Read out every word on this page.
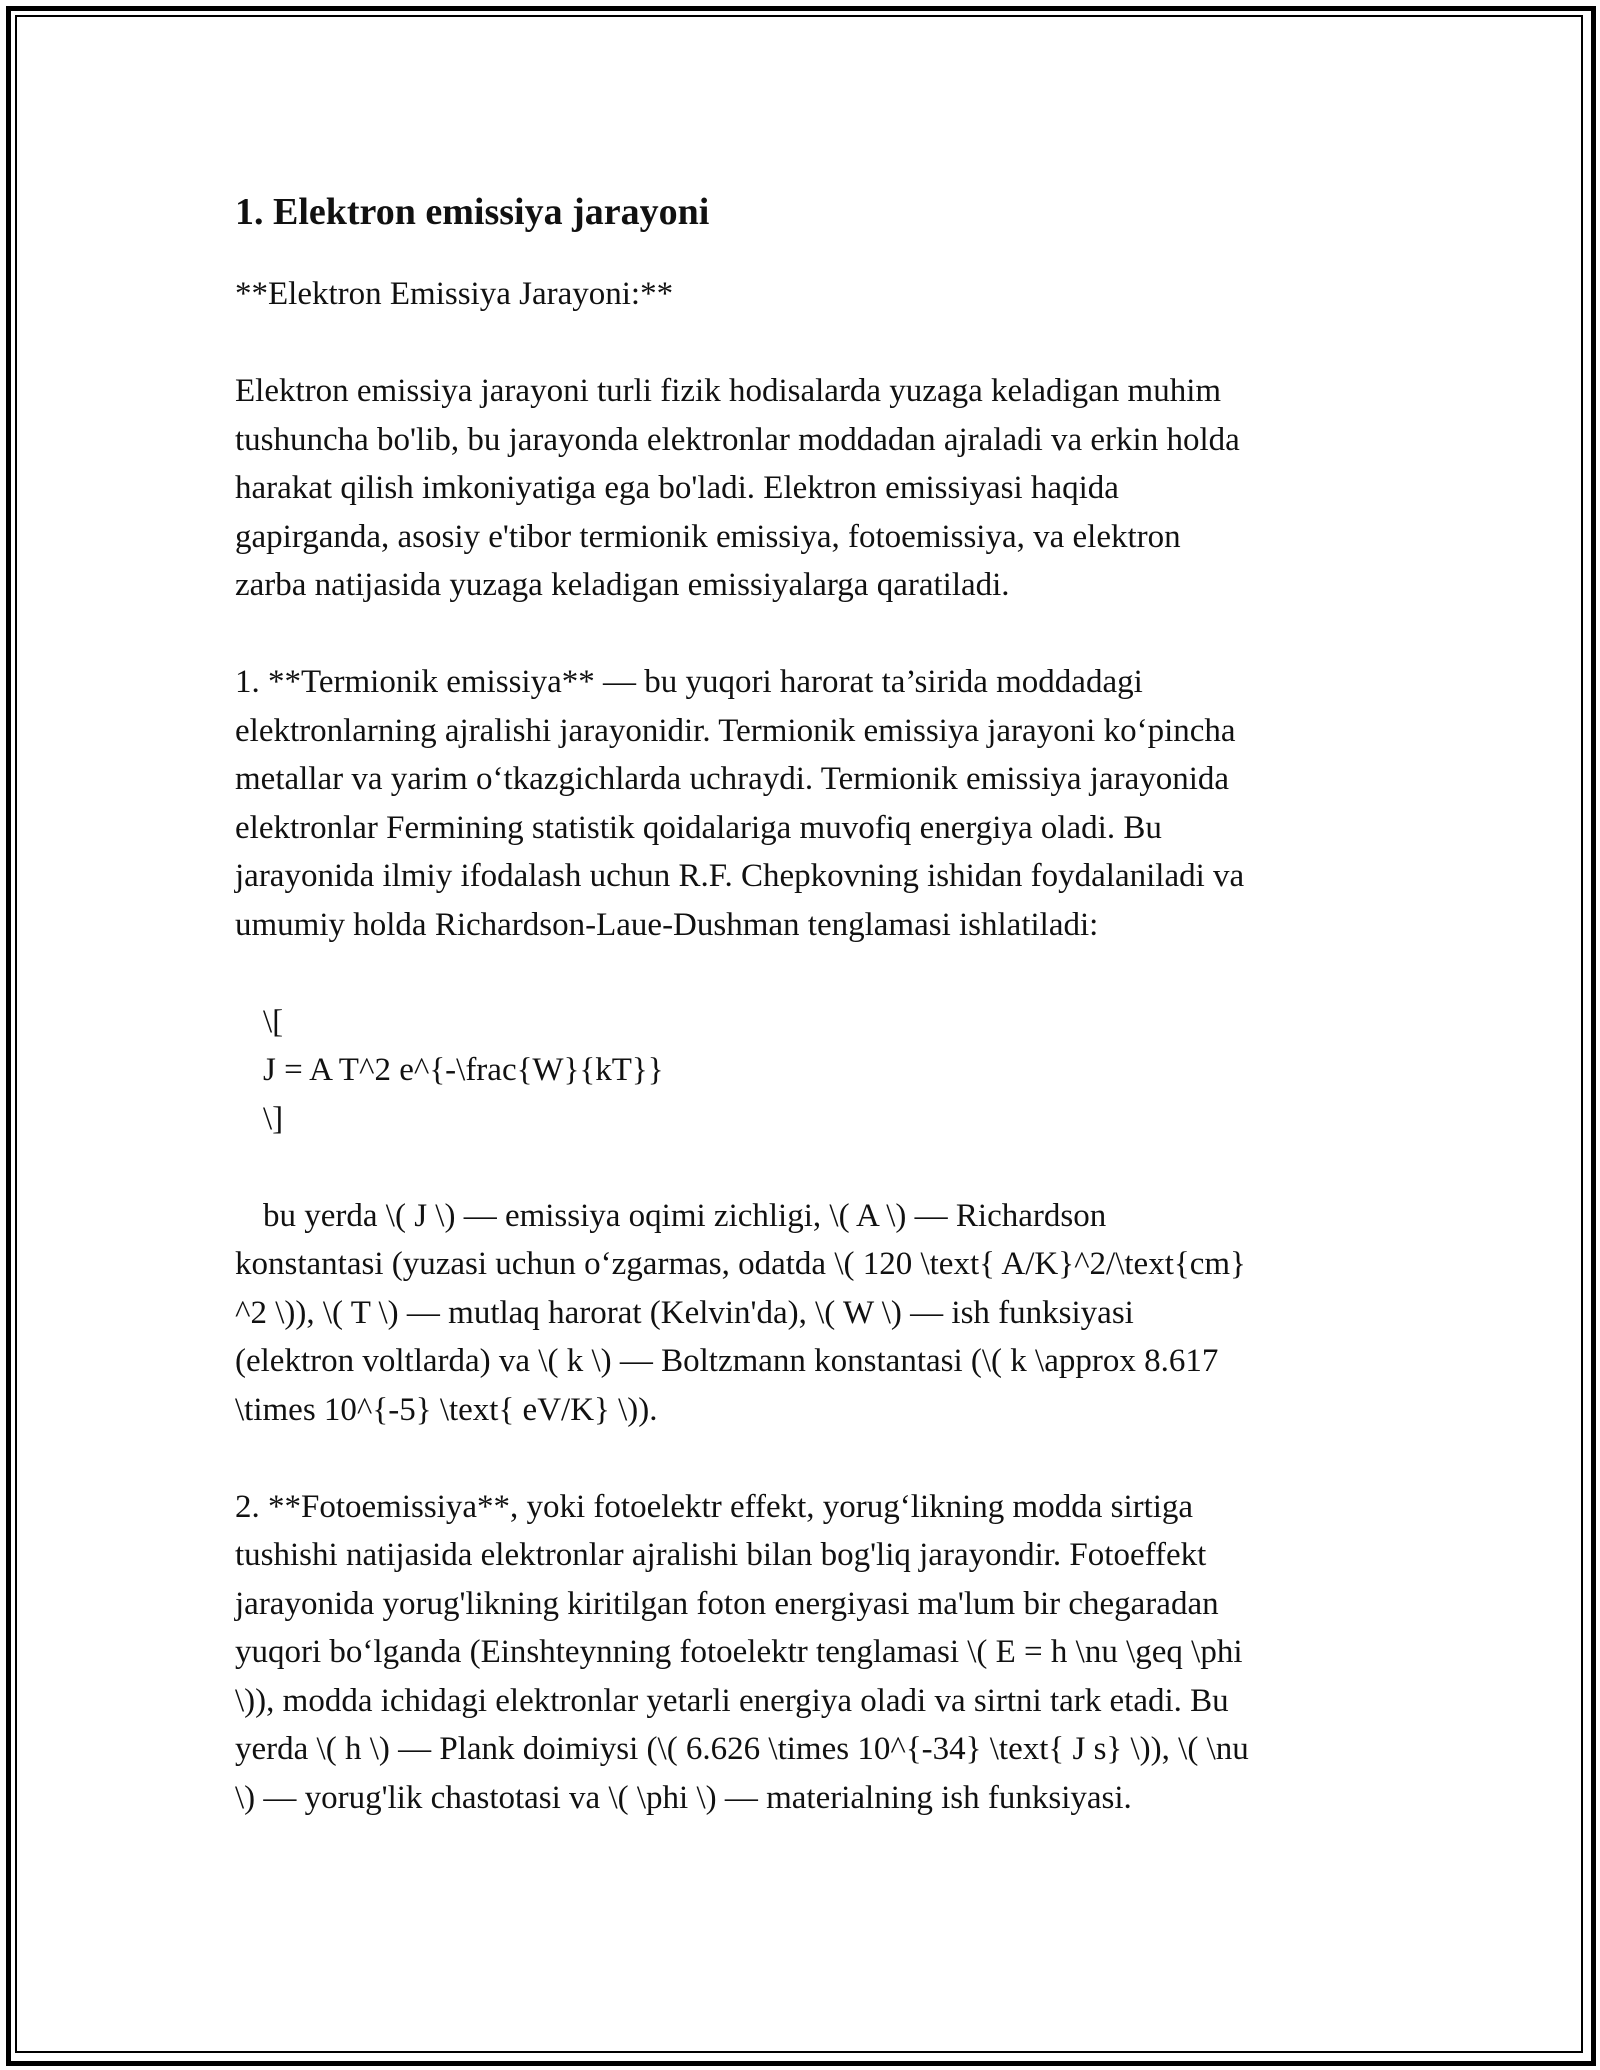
1. Elektron emissiya jarayoni
**Elektron Emissiya Jarayoni:**
Elektron emissiya jarayoni turli fizik hodisalarda yuzaga keladigan muhim
tushuncha bo'lib, bu jarayonda elektronlar moddadan ajraladi va erkin holda
harakat qilish imkoniyatiga ega bo'ladi. Elektron emissiyasi haqida
gapirganda, asosiy e'tibor termionik emissiya, fotoemissiya, va elektron
zarba natijasida yuzaga keladigan emissiyalarga qaratiladi.
1. **Termionik emissiya** — bu yuqori harorat ta’sirida moddadagi
elektronlarning ajralishi jarayonidir. Termionik emissiya jarayoni ko‘pincha
metallar va yarim o‘tkazgichlarda uchraydi. Termionik emissiya jarayonida
elektronlar Fermining statistik qoidalariga muvofiq energiya oladi. Bu
jarayonida ilmiy ifodalash uchun R.F. Chepkovning ishidan foydalaniladi va
umumiy holda Richardson-Laue-Dushman tenglamasi ishlatiladi:
\[
J = A T^2 e^{-\frac{W}{kT}}
\]
bu yerda \( J \) — emissiya oqimi zichligi, \( A \) — Richardson
konstantasi (yuzasi uchun o‘zgarmas, odatda \( 120 \text{ A/K}^2/\text{cm}
^2 \)), \( T \) — mutlaq harorat (Kelvin'da), \( W \) — ish funksiyasi
(elektron voltlarda) va \( k \) — Boltzmann konstantasi (\( k \approx 8.617
\times 10^{-5} \text{ eV/K} \)).
2. **Fotoemissiya**, yoki fotoelektr effekt, yorug‘likning modda sirtiga
tushishi natijasida elektronlar ajralishi bilan bog'liq jarayondir. Fotoeffekt
jarayonida yorug'likning kiritilgan foton energiyasi ma'lum bir chegaradan
yuqori bo‘lganda (Einshteynning fotoelektr tenglamasi \( E = h \nu \geq \phi
\)), modda ichidagi elektronlar yetarli energiya oladi va sirtni tark etadi. Bu
yerda \( h \) — Plank doimiysi (\( 6.626 \times 10^{-34} \text{ J s} \)), \( \nu
\) — yorug'lik chastotasi va \( \phi \) — materialning ish funksiyasi.
